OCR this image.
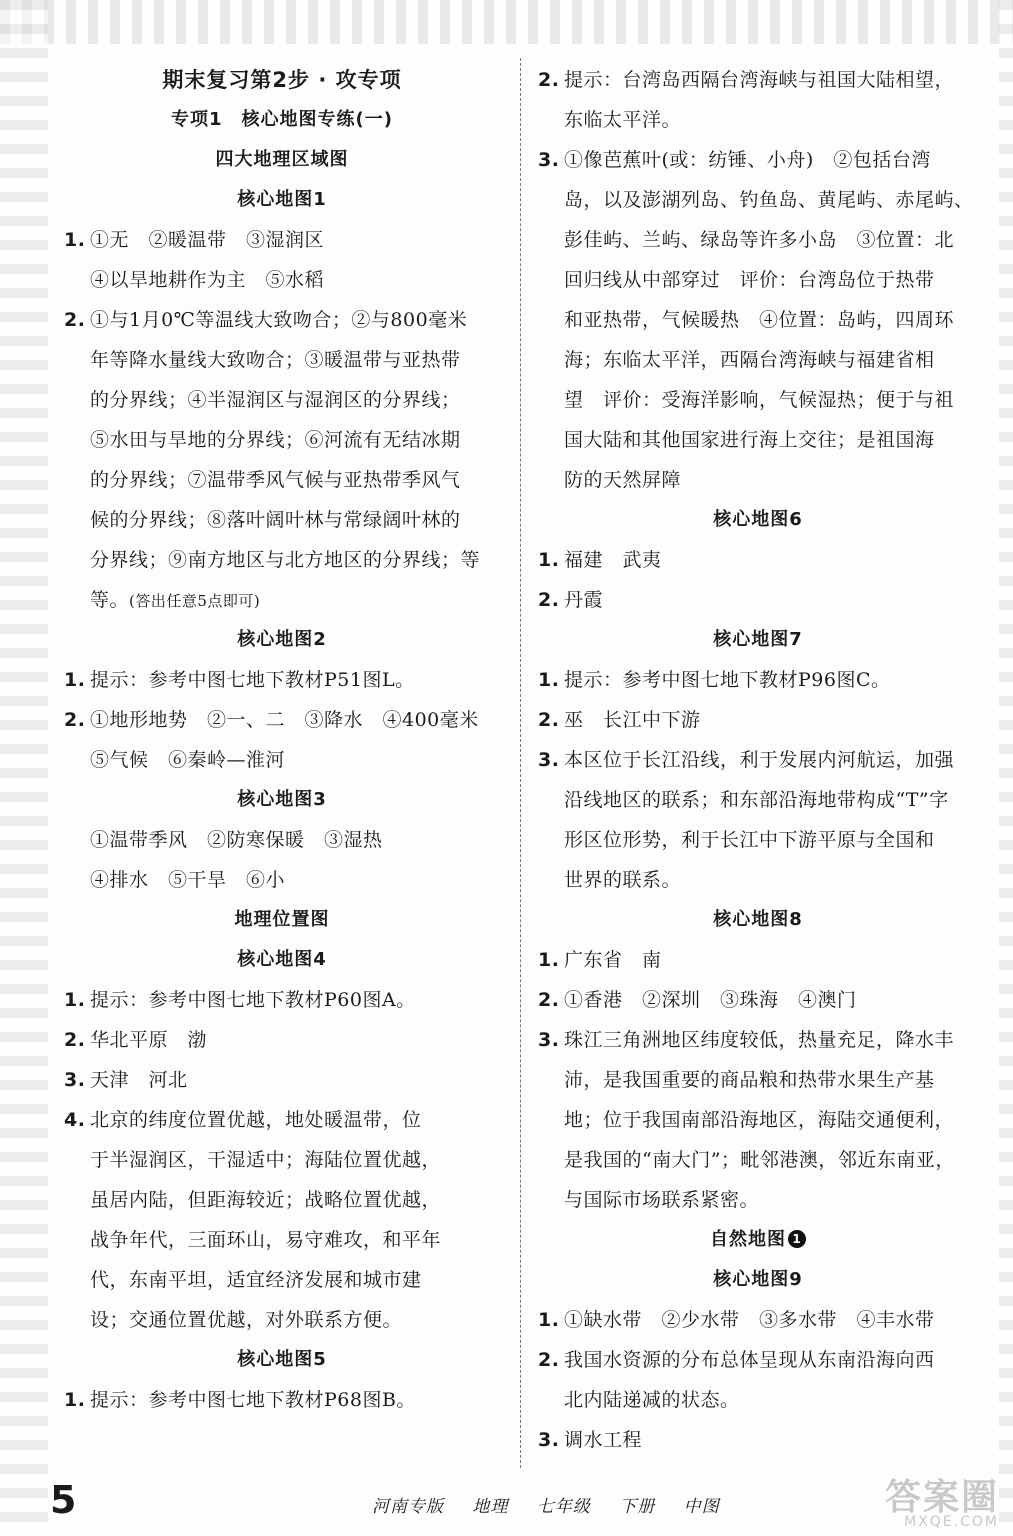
期末复习第2步 · 攻专项
专项1　核心地图专练(一)
四大地理区域图
核心地图1
1. ①无　②暖温带　③湿润区
④以旱地耕作为主　⑤水稻
2. ①与1月0℃等温线大致吻合；②与800毫米
年等降水量线大致吻合；③暖温带与亚热带
的分界线；④半湿润区与湿润区的分界线；
⑤水田与旱地的分界线；⑥河流有无结冰期
的分界线；⑦温带季风气候与亚热带季风气
候的分界线；⑧落叶阔叶林与常绿阔叶林的
分界线；⑨南方地区与北方地区的分界线；等
等。(答出任意5点即可)
核心地图2
1. 提示：参考中图七地下教材P51图L。
2. ①地形地势　②一、二　③降水　④400毫米
⑤气候　⑥秦岭—淮河
核心地图3
①温带季风　②防寒保暖　③湿热
④排水　⑤干旱　⑥小
地理位置图
核心地图4
1. 提示：参考中图七地下教材P60图A。
2. 华北平原　渤
3. 天津　河北
4. 北京的纬度位置优越，地处暖温带，位
于半湿润区，干湿适中；海陆位置优越，
虽居内陆，但距海较近；战略位置优越，
战争年代，三面环山，易守难攻，和平年
代，东南平坦，适宜经济发展和城市建
设；交通位置优越，对外联系方便。
核心地图5
1. 提示：参考中图七地下教材P68图B。
2. 提示：台湾岛西隔台湾海峡与祖国大陆相望，
东临太平洋。
3. ①像芭蕉叶(或：纺锤、小舟)　②包括台湾
岛，以及澎湖列岛、钓鱼岛、黄尾屿、赤尾屿、
彭佳屿、兰屿、绿岛等许多小岛　③位置：北
回归线从中部穿过　评价：台湾岛位于热带
和亚热带，气候暖热　④位置：岛屿，四周环
海；东临太平洋，西隔台湾海峡与福建省相
望　评价：受海洋影响，气候湿热；便于与祖
国大陆和其他国家进行海上交往；是祖国海
防的天然屏障
核心地图6
1. 福建　武夷
2. 丹霞
核心地图7
1. 提示：参考中图七地下教材P96图C。
2. 巫　长江中下游
3. 本区位于长江沿线，利于发展内河航运，加强
沿线地区的联系；和东部沿海地带构成“T”字
形区位形势，利于长江中下游平原与全国和
世界的联系。
核心地图8
1. 广东省　南
2. ①香港　②深圳　③珠海　④澳门
3. 珠江三角洲地区纬度较低，热量充足，降水丰
沛，是我国重要的商品粮和热带水果生产基
地；位于我国南部沿海地区，海陆交通便利，
是我国的“南大门”；毗邻港澳，邻近东南亚，
与国际市场联系紧密。
自然地图 1
核心地图9
1. ①缺水带　②少水带　③多水带　④丰水带
2. 我国水资源的分布总体呈现从东南沿海向西
北内陆递减的状态。
3. 调水工程
5	河南专版 地理 七年级 下册 中图	答案圈
MXQE.COM
